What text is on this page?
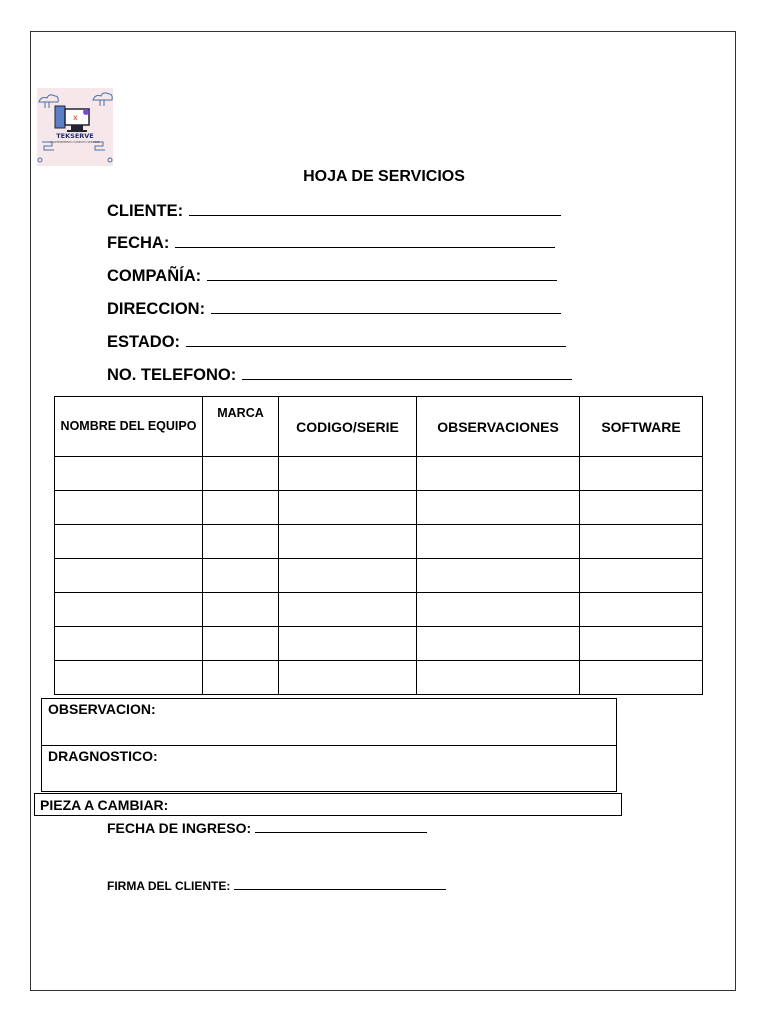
x
TEKSERVE
MANTENIMIENTO COMPUTO SERVICIO
HOJA DE SERVICIOS
CLIENTE:
FECHA:
COMPAÑÍA:
DIRECCION:
ESTADO:
NO. TELEFONO:
NOMBRE DEL EQUIPO	MARCA	CODIGO/SERIE	OBSERVACIONES	SOFTWARE

OBSERVACION:
DRAGNOSTICO:
PIEZA A CAMBIAR:
FECHA DE INGRESO:
FIRMA DEL CLIENTE:
